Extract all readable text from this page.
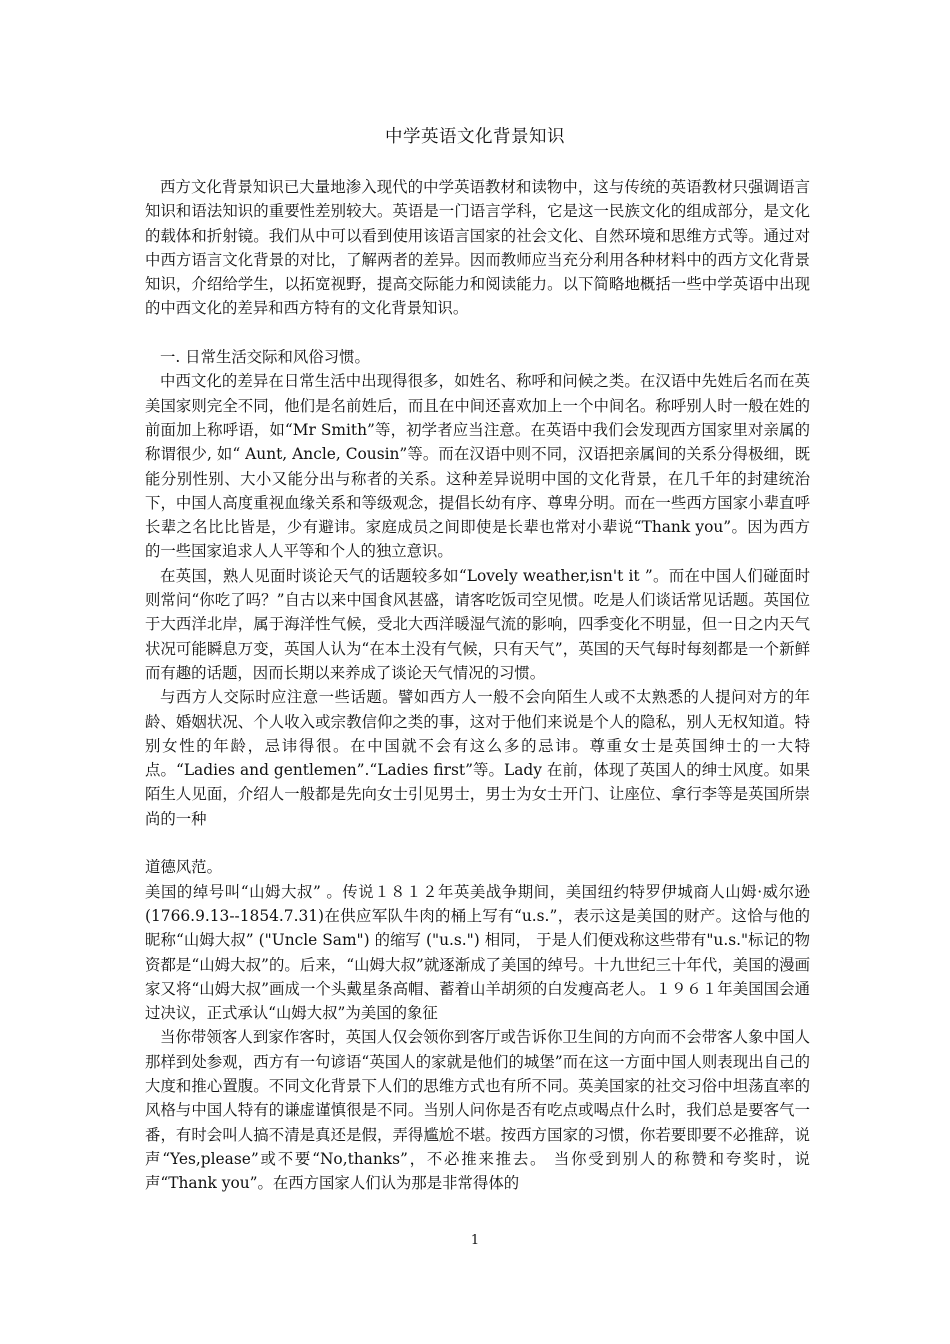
中学英语文化背景知识

西方文化背景知识已大量地渗入现代的中学英语教材和读物中，这与传统的英语教材只强调语言知识和语法知识的重要性差别较大。英语是一门语言学科，它是这一民族文化的组成部分，是文化的载体和折射镜。我们从中可以看到使用该语言国家的社会文化、自然环境和思维方式等。通过对中西方语言文化背景的对比，了解两者的差异。因而教师应当充分利用各种材料中的西方文化背景知识，介绍给学生，以拓宽视野，提高交际能力和阅读能力。以下简略地概括一些中学英语中出现的中西文化的差异和西方特有的文化背景知识。

一. 日常生活交际和风俗习惯。

中西文化的差异在日常生活中出现得很多，如姓名、称呼和问候之类。在汉语中先姓后名而在英美国家则完全不同，他们是名前姓后，而且在中间还喜欢加上一个中间名。称呼别人时一般在姓的前面加上称呼语，如“Mr Smith”等，初学者应当注意。在英语中我们会发现西方国家里对亲属的称谓很少, 如“ Aunt, Ancle, Cousin”等。而在汉语中则不同，汉语把亲属间的关系分得极细，既能分别性别、大小又能分出与称者的关系。这种差异说明中国的文化背景，在几千年的封建统治下，中国人高度重视血缘关系和等级观念，提倡长幼有序、尊卑分明。而在一些西方国家小辈直呼长辈之名比比皆是，少有避讳。家庭成员之间即使是长辈也常对小辈说“Thank you”。因为西方的一些国家追求人人平等和个人的独立意识。

在英国，熟人见面时谈论天气的话题较多如“Lovely weather,isn't it ”。而在中国人们碰面时则常问“你吃了吗？”自古以来中国食风甚盛，请客吃饭司空见惯。吃是人们谈话常见话题。英国位于大西洋北岸，属于海洋性气候，受北大西洋暖湿气流的影响，四季变化不明显，但一日之内天气状况可能瞬息万变，英国人认为“在本土没有气候，只有天气”，英国的天气每时每刻都是一个新鲜而有趣的话题，因而长期以来养成了谈论天气情况的习惯。

与西方人交际时应注意一些话题。譬如西方人一般不会向陌生人或不太熟悉的人提问对方的年龄、婚姻状况、个人收入或宗教信仰之类的事，这对于他们来说是个人的隐私，别人无权知道。特别女性的年龄，忌讳得很。在中国就不会有这么多的忌讳。尊重女士是英国绅士的一大特点。“Ladies and gentlemen”.“Ladies first”等。Lady 在前，体现了英国人的绅士风度。如果陌生人见面，介绍人一般都是先向女士引见男士，男士为女士开门、让座位、拿行李等是英国所崇尚的一种

道德风范。

美国的绰号叫“山姆大叔” 。传说１８１２年英美战争期间，美国纽约特罗伊城商人山姆·威尔逊(1766.9.13--1854.7.31)在供应军队牛肉的桶上写有“u.s.”，表示这是美国的财产。这恰与他的昵称“山姆大叔” ("Uncle Sam") 的缩写 ("u.s.") 相同， 于是人们便戏称这些带有"u.s."标记的物资都是“山姆大叔”的。后来，“山姆大叔”就逐渐成了美国的绰号。十九世纪三十年代，美国的漫画家又将“山姆大叔”画成一个头戴星条高帽、蓄着山羊胡须的白发瘦高老人。１９６１年美国国会通过决议，正式承认“山姆大叔”为美国的象征

当你带领客人到家作客时，英国人仅会领你到客厅或告诉你卫生间的方向而不会带客人象中国人那样到处参观，西方有一句谚语“英国人的家就是他们的城堡”而在这一方面中国人则表现出自己的大度和推心置腹。不同文化背景下人们的思维方式也有所不同。英美国家的社交习俗中坦荡直率的风格与中国人特有的谦虚谨慎很是不同。当别人问你是否有吃点或喝点什么时，我们总是要客气一番，有时会叫人搞不清是真还是假，弄得尴尬不堪。按西方国家的习惯，你若要即要不必推辞，说声“Yes,please”或不要“No,thanks”，不必推来推去。 当你受到别人的称赞和夸奖时，说声“Thank you”。在西方国家人们认为那是非常得体的

1
